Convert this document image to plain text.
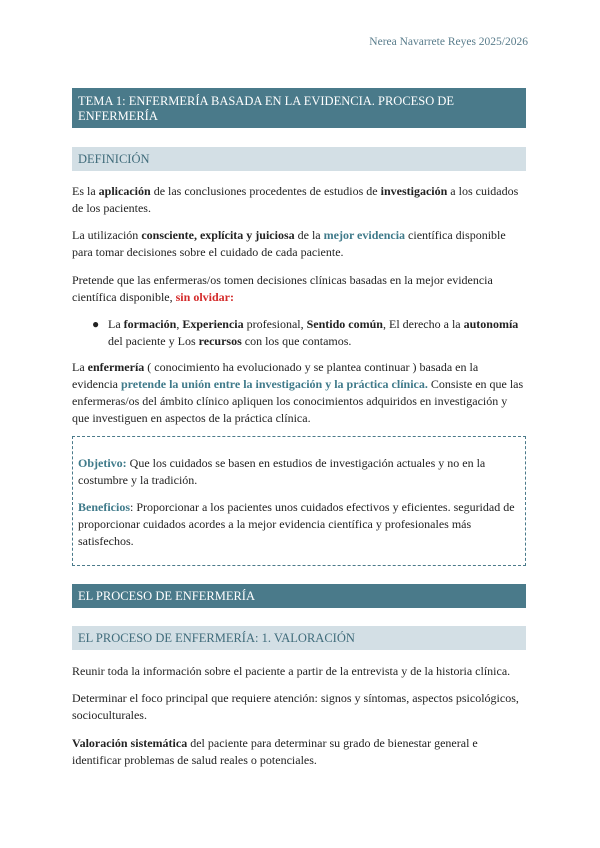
Nerea Navarrete Reyes 2025/2026
TEMA 1: ENFERMERÍA BASADA EN LA EVIDENCIA. PROCESO DE ENFERMERÍA
DEFINICIÓN

Es la aplicación de las conclusiones procedentes de estudios de investigación a los cuidados de los pacientes.

La utilización consciente, explícita y juiciosa de la mejor evidencia científica disponible para tomar decisiones sobre el cuidado de cada paciente.

Pretende que las enfermeras/os tomen decisiones clínicas basadas en la mejor evidencia científica disponible, sin olvidar:

● La formación, Experiencia profesional, Sentido común, El derecho a la autonomía del paciente y Los recursos con los que contamos.

La enfermería ( conocimiento ha evolucionado y se plantea continuar ) basada en la evidencia pretende la unión entre la investigación y la práctica clínica. Consiste en que las enfermeras/os del ámbito clínico apliquen los conocimientos adquiridos en investigación y que investiguen en aspectos de la práctica clínica.

Objetivo: Que los cuidados se basen en estudios de investigación actuales y no en la costumbre y la tradición.

Beneficios: Proporcionar a los pacientes unos cuidados efectivos y eficientes. seguridad de proporcionar cuidados acordes a la mejor evidencia científica y profesionales más satisfechos.

EL PROCESO DE ENFERMERÍA
EL PROCESO DE ENFERMERÍA: 1. VALORACIÓN

Reunir toda la información sobre el paciente a partir de la entrevista y de la historia clínica.

Determinar el foco principal que requiere atención: signos y síntomas, aspectos psicológicos, socioculturales.

Valoración sistemática del paciente para determinar su grado de bienestar general e identificar problemas de salud reales o potenciales.
